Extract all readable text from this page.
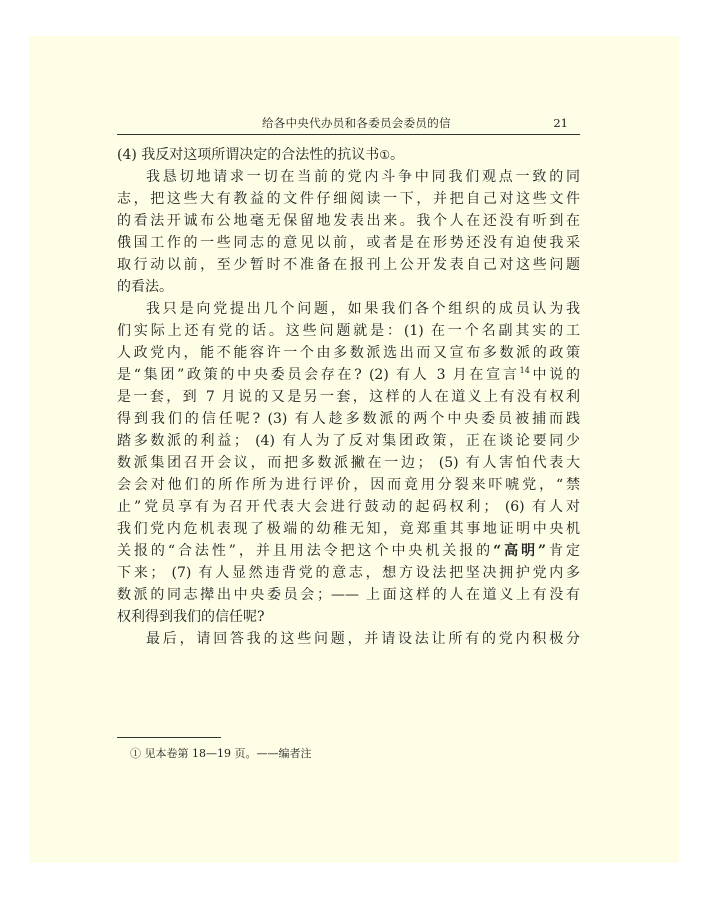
给各中央代办员和各委员会委员的信	21
(4) 我反对这项所谓决定的合法性的抗议书①。
我恳切地请求一切在当前的党内斗争中同我们观点一致的同
志，把这些大有教益的文件仔细阅读一下，并把自己对这些文件
的看法开诚布公地毫无保留地发表出来。我个人在还没有听到在
俄国工作的一些同志的意见以前，或者是在形势还没有迫使我采
取行动以前，至少暂时不准备在报刊上公开发表自己对这些问题
的看法。
我只是向党提出几个问题，如果我们各个组织的成员认为我
们实际上还有党的话。这些问题就是：(1) 在一个名副其实的工
人政党内，能不能容许一个由多数派选出而又宣布多数派的政策
是“集团”政策的中央委员会存在? (2) 有人 3 月在宣言$^{14}$中说的
是一套，到 7 月说的又是另一套，这样的人在道义上有没有权利
得到我们的信任呢? (3) 有人趁多数派的两个中央委员被捕而践
踏多数派的利益； (4) 有人为了反对集团政策，正在谈论要同少
数派集团召开会议，而把多数派撇在一边； (5) 有人害怕代表大
会会对他们的所作所为进行评价，因而竟用分裂来吓唬党，“禁
止”党员享有为召开代表大会进行鼓动的起码权利； (6) 有人对
我们党内危机表现了极端的幼稚无知，竟郑重其事地证明中央机
关报的“合法性”，并且用法令把这个中央机关报的“高明”肯定
下来； (7) 有人显然违背党的意志，想方设法把坚决拥护党内多
数派的同志撵出中央委员会；—— 上面这样的人在道义上有没有
权利得到我们的信任呢?
最后，请回答我的这些问题，并请设法让所有的党内积极分
① 见本卷第 18—19 页。——编者注
